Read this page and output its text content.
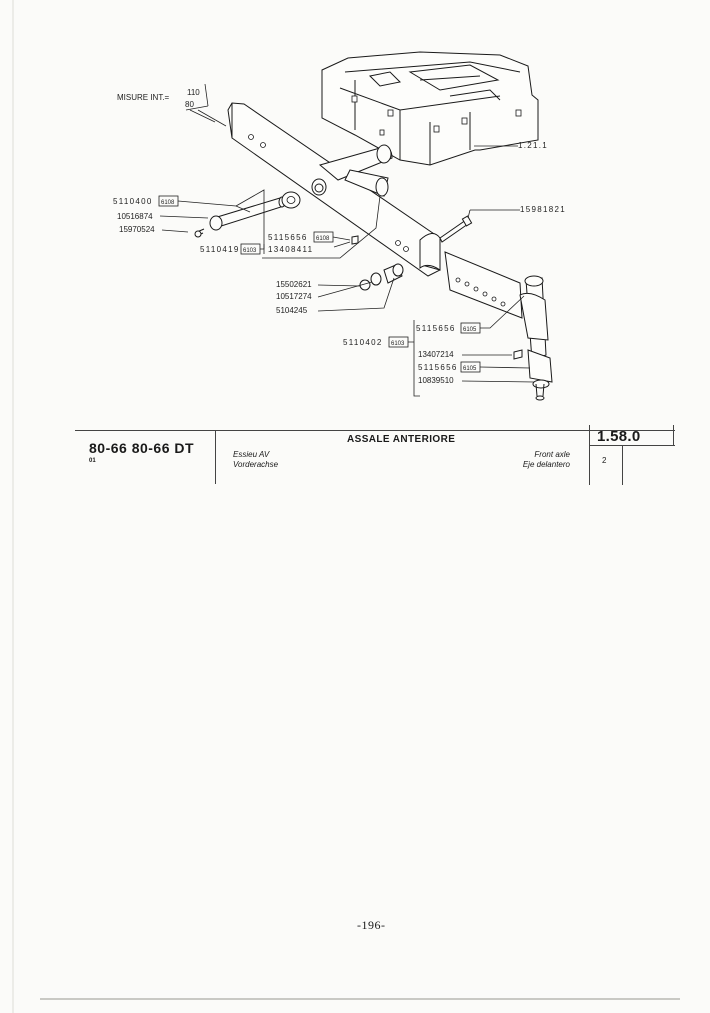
MISURE INT.=
110
80
5110400 6108
10516874
15970524
5115656 6108
5110419 6103 13408411
15502621
10517274
5104245
1.21.1
15981821
5115656 6105
5110402 6103
13407214
5115656 6105
10839510
80-66 80-66 DT
01
ASSALE ANTERIORE
Essieu AV
Vorderachse
Front axle
Eje delantero
1.58.0
2
-196-
